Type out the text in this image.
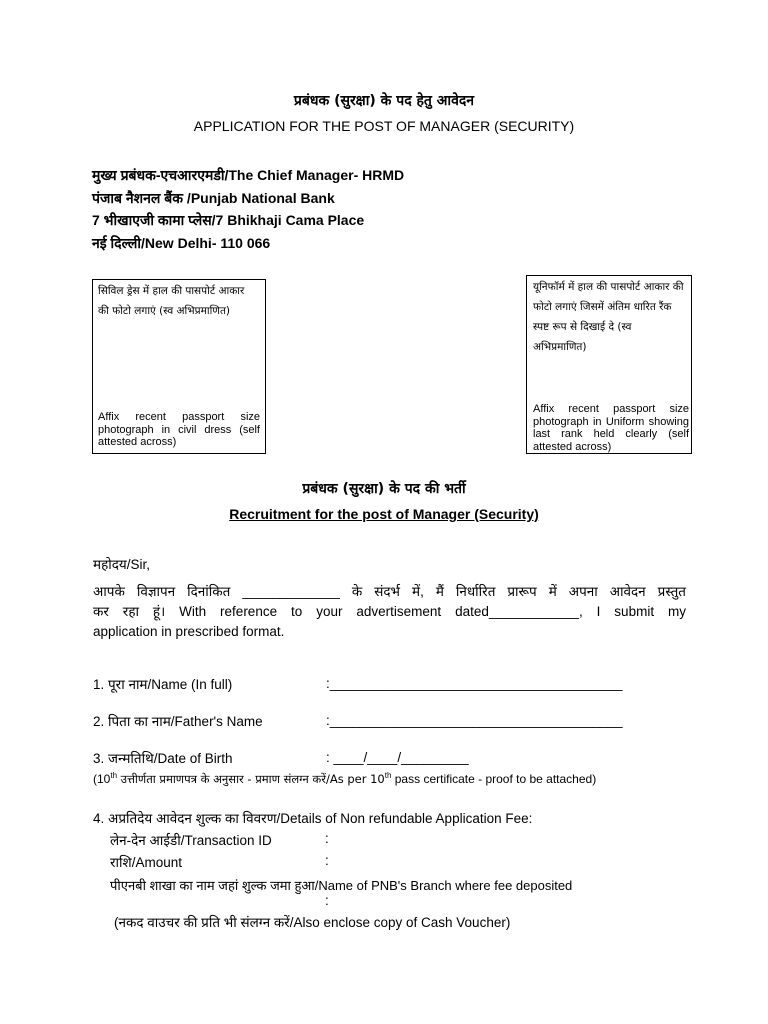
प्रबंधक (सुरक्षा) के पद हेतु आवेदन
APPLICATION FOR THE POST OF MANAGER (SECURITY)
मुख्य प्रबंधक-एचआरएमडी/The Chief Manager- HRMD
पंजाब नैशनल बैंक /Punjab National Bank
7 भीखाएजी कामा प्लेस/7 Bhikhaji Cama Place
नई दिल्ली/New Delhi- 110 066
सिविल ड्रेस में हाल की पासपोर्ट आकार की फोटो लगाएं (स्व अभिप्रमाणित)
Affix recent passport size photograph in civil dress (self attested across)
यूनिफॉर्म में हाल की पासपोर्ट आकार की फोटो लगाएं जिसमें अंतिम धारित रैंक स्पष्ट रूप से दिखाई दे (स्व अभिप्रमाणित)
Affix recent passport size photograph in Uniform showing last rank held clearly (self attested across)
प्रबंधक (सुरक्षा) के पद की भर्ती
Recruitment for the post of Manager (Security)
महोदय/Sir,
आपके विज्ञापन दिनांकित _____________ के संदर्भ में, मैं निर्धारित प्रारूप में अपना आवेदन प्रस्तुत
कर रहा हूं। With reference to your advertisement dated____________, I submit my
application in prescribed format.
1. पूरा नाम/Name (In full)	:_______________________________________
2. पिता का नाम/Father's Name	:_______________________________________
3. जन्मतिथि/Date of Birth	: ____/____/_________
(10th उत्तीर्णता प्रमाणपत्र के अनुसार - प्रमाण संलग्न करें/As per 10th pass certificate - proof to be attached)
4. अप्रतिदेय आवेदन शुल्क का विवरण/Details of Non refundable Application Fee:
लेन-देन आईडी/Transaction ID	:
राशि/Amount	:
पीएनबी शाखा का नाम जहां शुल्क जमा हुआ/Name of PNB's Branch where fee deposited
:
(नकद वाउचर की प्रति भी संलग्न करें/Also enclose copy of Cash Voucher)
